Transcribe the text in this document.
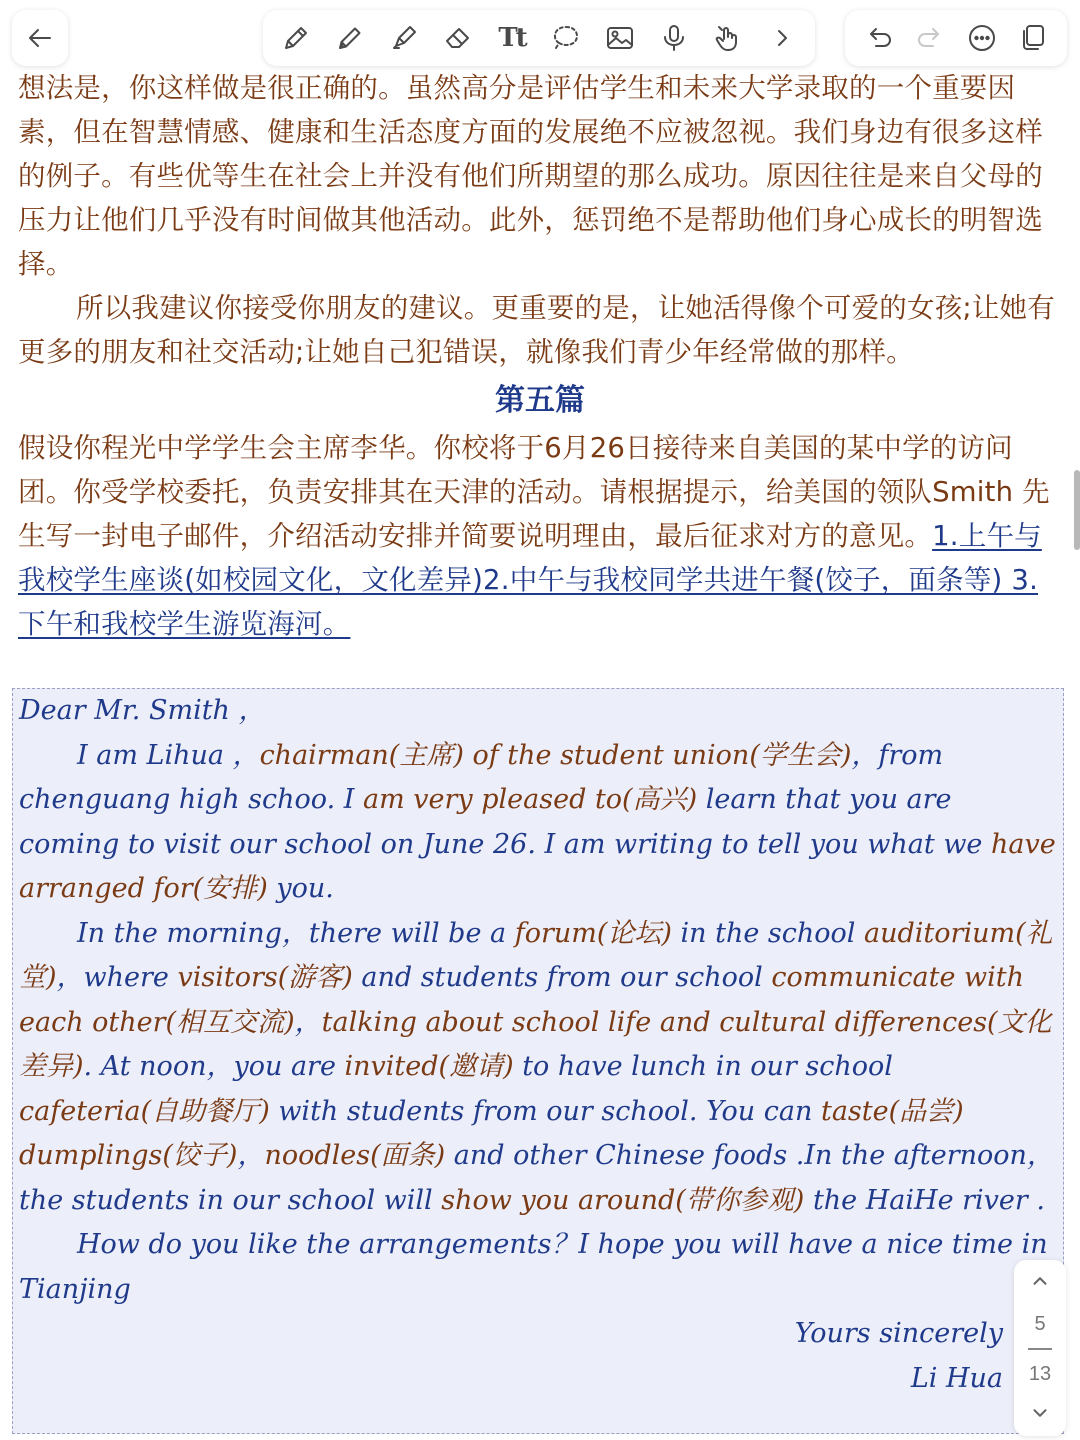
Tt

想法是，你这样做是很正确的。虽然高分是评估学生和未来大学录取的一个重要因素，但在智慧情感、健康和生活态度方面的发展绝不应被忽视。我们身边有很多这样的例子。有些优等生在社会上并没有他们所期望的那么成功。原因往往是来自父母的压力让他们几乎没有时间做其他活动。此外，惩罚绝不是帮助他们身心成长的明智选择。

所以我建议你接受你朋友的建议。更重要的是，让她活得像个可爱的女孩;让她有更多的朋友和社交活动;让她自己犯错误，就像我们青少年经常做的那样。

第五篇

假设你程光中学学生会主席李华。你校将于6月26日接待来自美国的某中学的访问团。你受学校委托，负责安排其在天津的活动。请根据提示，给美国的领队Smith 先生写一封电子邮件，介绍活动安排并简要说明理由，最后征求对方的意见。1.上午与我校学生座谈(如校园文化，文化差异)2.中午与我校同学共进午餐(饺子，面条等) 3.下午和我校学生游览海河。

Dear Mr. Smith ，
I am Lihua ，chairman(主席) of the student union(学生会)，from chenguang high schoo. I am very pleased to(高兴) learn that you are coming to visit our school on June 26. I am writing to tell you what we have arranged for(安排) you.
In the morning，there will be a forum(论坛) in the school auditorium(礼堂)，where visitors(游客) and students from our school communicate with each other(相互交流)，talking about school life and cultural differences(文化差异). At noon，you are invited(邀请) to have lunch in our school cafeteria(自助餐厅) with students from our school. You can taste(品尝) dumplings(饺子)，noodles(面条) and other Chinese foods .In the afternoon， the students in our school will show you around(带你参观) the HaiHe river .
How do you like the arrangements？I hope you will have a nice time in Tianjing
Yours sincerely
Li Hua
5
13
